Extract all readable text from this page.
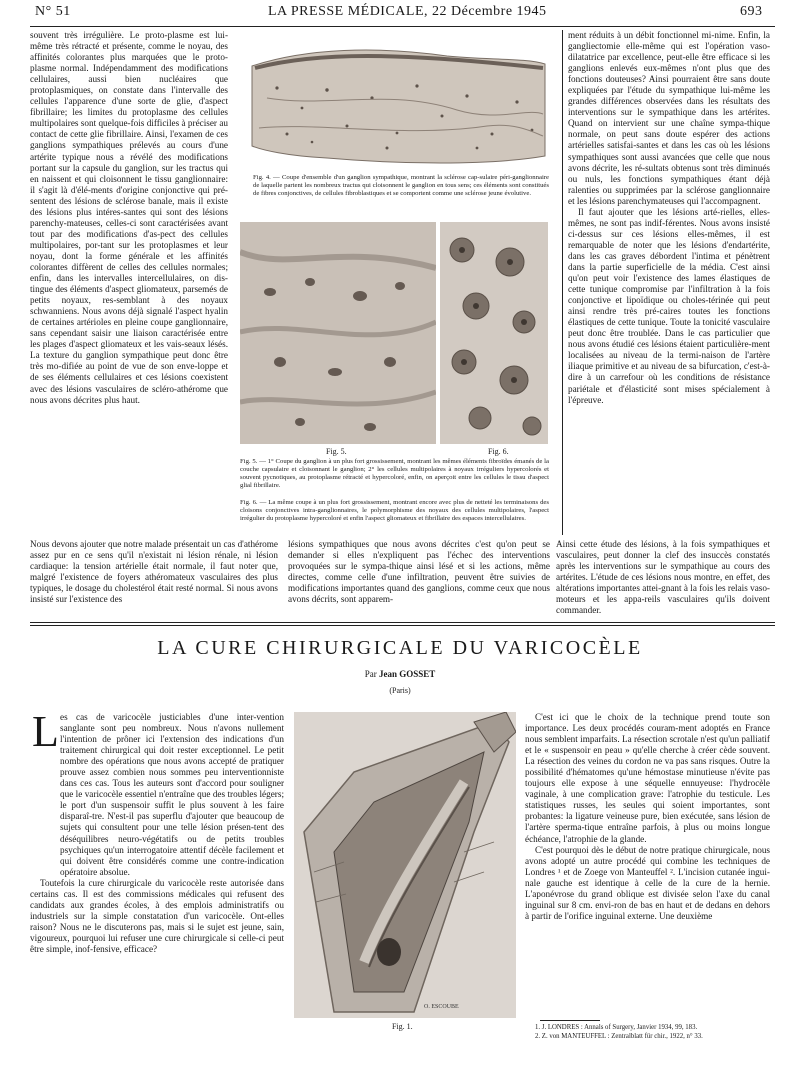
N° 51	LA PRESSE MÉDICALE, 22 Décembre 1945	693

souvent très irrégulière. Le proto-plasme est lui-même très rétracté et présente, comme le noyau, des affinités colorantes plus marquées que le proto-plasme normal. Indépendamment des modifications cellulaires, aussi bien nucléaires que protoplasmiques, on constate dans l'intervalle des cellules l'apparence d'une sorte de glie, d'aspect fibrillaire; les limites du protoplasme des cellules multipolaires sont quelque-fois difficiles à préciser au contact de cette glie fibrillaire. Ainsi, l'examen de ces ganglions sympathiques prélevés au cours d'une artérite typique nous a révélé des modifications portant sur la capsule du ganglion, sur les tractus qui en naissent et qui cloisonnent le tissu ganglionnaire: il s'agit là d'élé-ments d'origine conjonctive qui pré-sentent des lésions de sclérose banale, mais il existe des lésions plus intéres-santes qui sont des lésions parenchy-mateuses, celles-ci sont caractérisées avant tout par des modifications d'as-pect des cellules multipolaires, por-tant sur les protoplasmes et leur noyau, dont la forme générale et les affinités colorantes diffèrent de celles des cellules normales; enfin, dans les intervalles intercellulaires, on dis-tingue des éléments d'aspect gliomateux, parsemés de petits noyaux, res-semblant à des noyaux schwanniens. Nous avons déjà signalé l'aspect hyalin de certaines artérioles en pleine coupe ganglionnaire, sans cependant saisir une liaison caractérisée entre les plages d'aspect gliomateux et les vais-seaux lésés. La texture du ganglion sympathique peut donc être très mo-difiée au point de vue de son enve-loppe et de ses éléments cellulaires et ces lésions coexistent avec des lésions vasculaires de scléro-athérome que nous avons décrites plus haut.

Fig. 4. — Coupe d'ensemble d'un ganglion sympathique, montrant la sclérose cap-sulaire péri-ganglionnaire de laquelle partent les nombreux tractus qui cloisonnent le ganglion en tous sens; ces éléments sont constitués de fibres conjonctives, de cellules fibroblastiques et se comportent comme une sclérose jeune évolutive.
Fig. 5.	Fig. 6.
Fig. 5. — 1° Coupe du ganglion à un plus fort grossissement, montrant les mêmes éléments fibroïdes émanés de la couche capsulaire et cloisonnant le ganglion; 2° les cellules multipolaires à noyaux irréguliers hypercolorés et souvent pycnotiques, au protoplasme rétracté et hypercoloré, enfin, on aperçoit entre les cellules le tissu d'aspect glial fibrillaire.
Fig. 6. — La même coupe à un plus fort grossissement, montrant encore avec plus de netteté les terminaisons des cloisons conjonctives intra-ganglionnaires, le polymorphisme des noyaux des cellules multipolaires, l'aspect irrégulier du protoplasme hypercoloré et enfin l'aspect gliomateux et fibrillaire des espaces intercellulaires.

Nous devons ajouter que notre malade présentait un cas d'athérome assez pur en ce sens qu'il n'existait ni lésion rénale, ni lésion cardiaque: la tension artérielle était normale, il faut noter que, malgré l'existence de foyers athéromateux vasculaires des plus typiques, le dosage du cholestérol était resté normal. Si nous avons insisté sur l'existence des

lésions sympathiques que nous avons décrites c'est qu'on peut se demander si elles n'expliquent pas l'échec des interventions provoquées sur le sympa-thique ainsi lésé et si les actions, même directes, comme celle d'une infiltration, peuvent être suivies de modifications importantes quand des ganglions, comme ceux que nous avons décrits, sont apparem-

ment réduits à un débit fonctionnel mi-nime. Enfin, la gangliectomie elle-même qui est l'opération vaso-dilatatrice par excellence, peut-elle être efficace si les ganglions enlevés eux-mêmes n'ont plus que des fonctions douteuses? Ainsi pourraient être sans doute expliquées par l'étude du sympathique lui-même les grandes différences observées dans les résultats des interventions sur le sympathique dans les artérites. Quand on intervient sur une chaîne sympa-thique normale, on peut sans doute espérer des actions artérielles satisfai-santes et dans les cas où les lésions sympathiques sont aussi avancées que celle que nous avons décrite, les ré-sultats obtenus sont très diminués ou nuls, les fonctions sympathiques étant déjà ralenties ou supprimées par la sclérose ganglionnaire et les lésions parenchymateuses qui l'accompagnent.

Il faut ajouter que les lésions arté-rielles, elles-mêmes, ne sont pas indif-férentes. Nous avons insisté ci-dessus sur ces lésions elles-mêmes, il est remarquable de noter que les lésions d'endartérite, dans les cas graves débordent l'intima et pénètrent dans la partie superficielle de la média. C'est ainsi qu'on peut voir l'existence des lames élastiques de cette tunique compromise par l'infiltration à la fois conjonctive et lipoïdique ou choles-térinée qui peut ainsi rendre très pré-caires toutes les fonctions élastiques de cette tunique. Toute la tonicité vasculaire peut donc être troublée. Dans le cas particulier que nous avons étudié ces lésions étaient particulière-ment localisées au niveau de la termi-naison de l'artère iliaque primitive et au niveau de sa bifurcation, c'est-à-dire à un carrefour où les conditions de résistance pariétale et d'élasticité sont mises spécialement à l'épreuve.

Ainsi cette étude des lésions, à la fois sympathiques et vasculaires, peut donner la clef des insuccès constatés après les interventions sur le sympathique au cours des artérites. L'étude de ces lésions nous montre, en effet, des altérations importantes attei-gnant à la fois les relais vaso-moteurs et les appa-reils vasculaires qu'ils doivent commander.

LA CURE CHIRURGICALE DU VARICOCÈLE
Par Jean GOSSET
(Paris)
L es cas de varicocèle justiciables d'une inter-vention sanglante sont peu nombreux. Nous n'avons nullement l'intention de prôner ici l'extension des indications d'un traitement chirurgical qui doit rester exceptionnel. Le petit nombre des opérations que nous avons accepté de pratiquer prouve assez combien nous sommes peu interventionniste dans ces cas. Tous les auteurs sont d'accord pour souligner que le varicocèle essentiel n'entraîne que des troubles légers; le port d'un suspensoir suffit le plus souvent à les faire disparaî-tre. N'est-il pas superflu d'ajouter que beaucoup de sujets qui consultent pour une telle lésion présen-tent des déséquilibres neuro-végétatifs ou de petits troubles psychiques qu'un interrogatoire attentif décèle facilement et qui doivent être considérés comme une contre-indication opératoire absolue.

Toutefois la cure chirurgicale du varicocèle reste autorisée dans certains cas. Il est des commissions médicales qui refusent des candidats aux grandes écoles, à des emplois administratifs ou industriels sur la simple constatation d'un varicocèle. Ont-elles raison? Nous ne le discuterons pas, mais si le sujet est jeune, sain, vigoureux, pourquoi lui refuser une cure chirurgicale si celle-ci peut être simple, inof-fensive, efficace?

O. ESCOUBE
Fig. 1.

C'est ici que le choix de la technique prend toute son importance. Les deux procédés couram-ment adoptés en France nous semblent imparfaits. La résection scrotale n'est qu'un palliatif et le « suspensoir en peau » qu'elle cherche à créer cède souvent. La résection des veines du cordon ne va pas sans risques. Outre la possibilité d'hématomes qu'une hémostase minutieuse n'évite pas toujours elle expose à une séquelle ennuyeuse: l'hydrocèle vaginale, à une complication grave: l'atrophie du testicule. Les statistiques russes, les seules qui soient importantes, sont probantes: la ligature veineuse pure, bien exécutée, sans lésion de l'artère sperma-tique entraîne parfois, à plus ou moins longue échéance, l'atrophie de la glande.

C'est pourquoi dès le début de notre pratique chirurgicale, nous avons adopté un autre procédé qui combine les techniques de Londres ¹ et de Zoege von Manteuffel ². L'incision cutanée ingui-nale gauche est identique à celle de la cure de la hernie. L'aponévrose du grand oblique est divisée selon l'axe du canal inguinal sur 8 cm. envi-ron de bas en haut et de dedans en dehors à partir de l'orifice inguinal externe. Une deuxième

1. J. LONDRES : Annals of Surgery, Janvier 1934, 99, 183.
2. Z. von MANTEUFFEL : Zentralblatt für chir., 1922, n° 33.
